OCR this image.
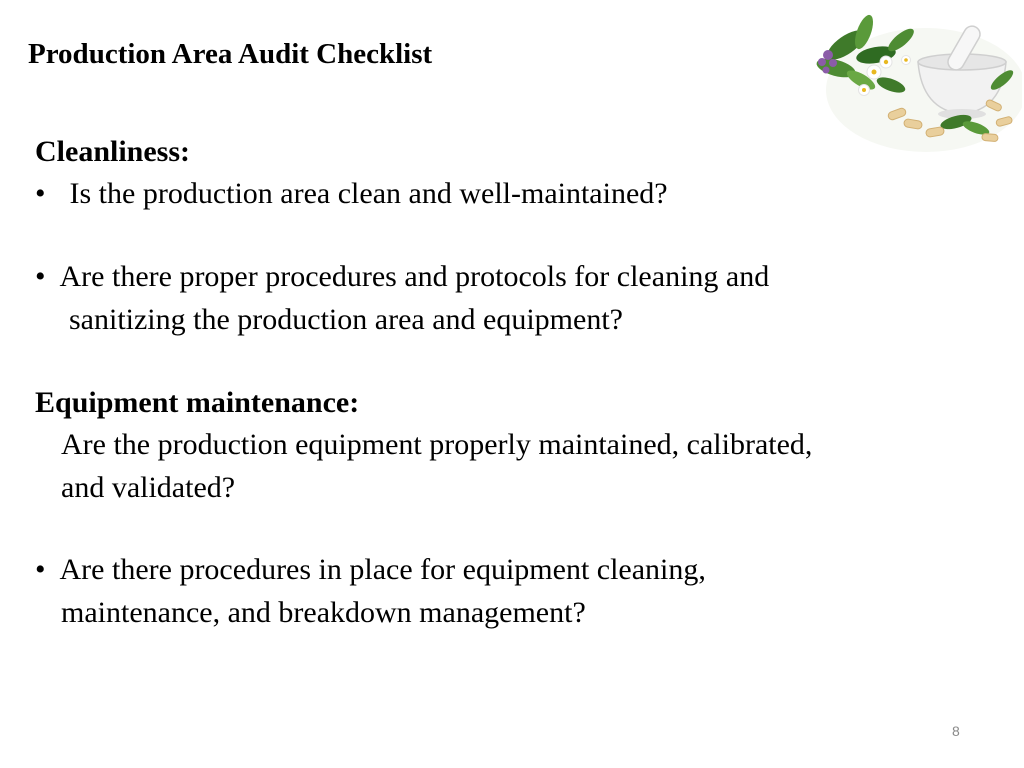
Production Area Audit Checklist
Cleanliness:
• Is the production area clean and well-maintained?
• Are there proper procedures and protocols for cleaning and
sanitizing the production area and equipment?
Equipment maintenance:
Are the production equipment properly maintained, calibrated,
and validated?
• Are there procedures in place for equipment cleaning,
maintenance, and breakdown management?
8
